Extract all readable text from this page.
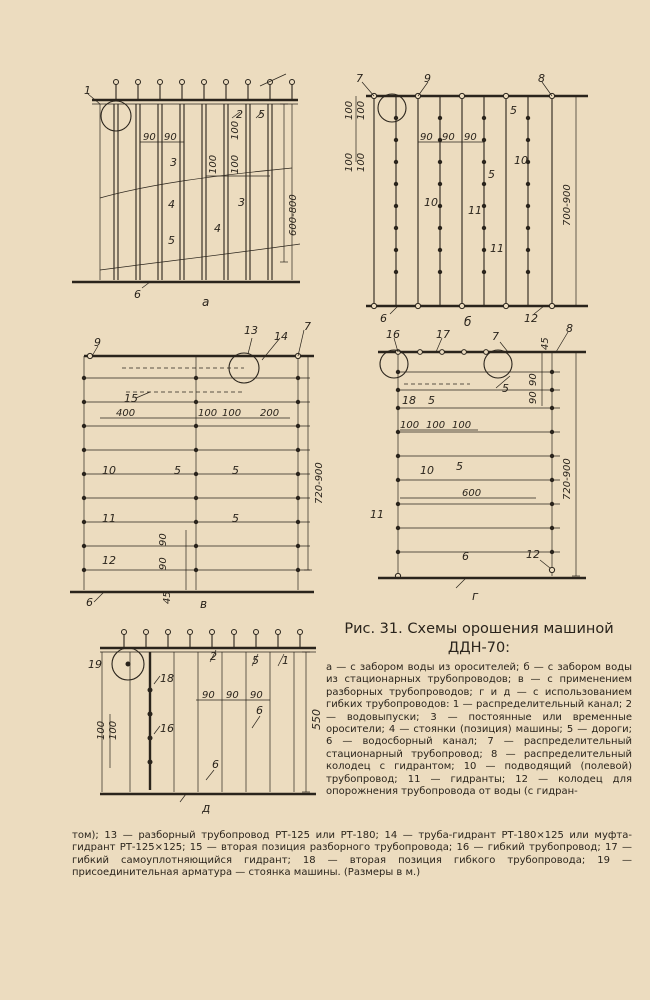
1
2
3
3
4
4
5
5
6
90 90
100 100
100
600-800
а
7	9	8
5
5
10
10
11
11
6	12
90 90 90
100 100
100 100
700-900
б
9
13 14
7
15
10	5	5
5
11
12
6
400	100 100 200
90
90
45
720-900
в
16	17	7
8
18 5
5
10 5
11
6	12
100 100 100
600
90
90
45
720-900
г
19
2	5 1
18
16
6
6
90 90 90
100 100
550
д

Рис. 31. Схемы орошения машиной ДДН-70:

а — с забором воды из оросителей; б — с забором воды из стационарных трубопроводов; в — с применением разборных трубопроводов; г и д — с использованием гибких трубопроводов: 1 — распределительный канал; 2 — водовыпуски; 3 — постоянные или временные оросители; 4 — стоянки (позиция) машины; 5 — дороги; 6 — водосборный канал; 7 — распределительный стационарный трубопровод; 8 — распределительный колодец с гидрантом; 10 — подводящий (полевой) трубопровод; 11 — гидранты; 12 — колодец для опорожнения трубопровода от воды (с гидран-
том); 13 — разборный трубопровод РТ-125 или РТ-180; 14 — труба-гидрант РТ-180×125 или муфта-гидрант РТ-125×125; 15 — вторая позиция разборного трубопровода; 16 — гибкий трубопровод; 17 — гибкий самоуплотняющийся гидрант; 18 — вторая позиция гибкого трубопровода; 19 — присоединительная арматура — стоянка машины. (Размеры в м.)
